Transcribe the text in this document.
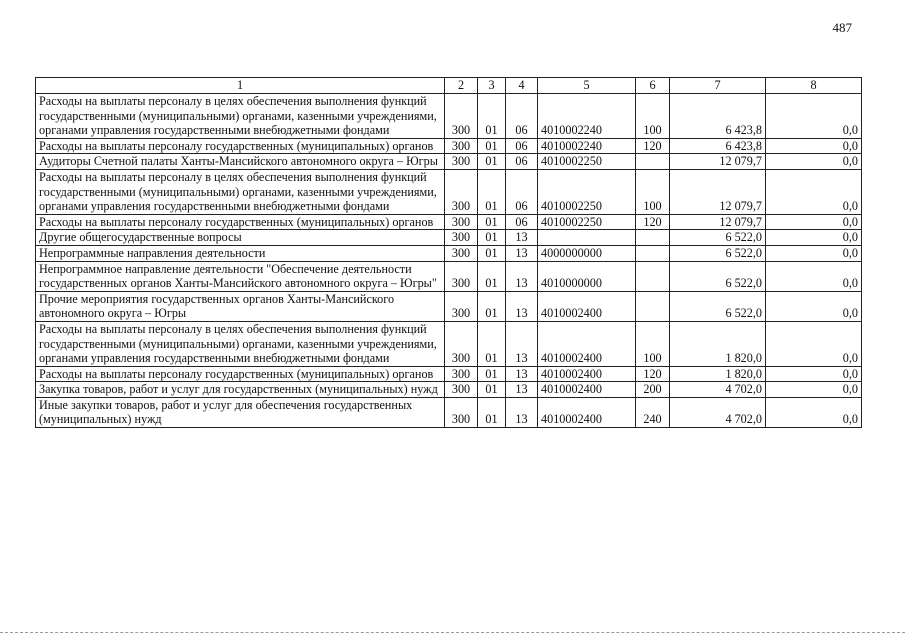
487
1	2	3	4	5	6	7	8
Расходы на выплаты персоналу в целях обеспечения выполнения функций государственными (муниципальными) органами, казенными учреждениями, органами управления государственными внебюджетными фондами	300	01	06	4010002240	100	6 423,8	0,0
Расходы на выплаты персоналу государственных (муниципальных) органов	300	01	06	4010002240	120	6 423,8	0,0
Аудиторы Счетной палаты Ханты-Мансийского автономного округа – Югры	300	01	06	4010002250		12 079,7	0,0
Расходы на выплаты персоналу в целях обеспечения выполнения функций государственными (муниципальными) органами, казенными учреждениями, органами управления государственными внебюджетными фондами	300	01	06	4010002250	100	12 079,7	0,0
Расходы на выплаты персоналу государственных (муниципальных) органов	300	01	06	4010002250	120	12 079,7	0,0
Другие общегосударственные вопросы	300	01	13			6 522,0	0,0
Непрограммные направления деятельности	300	01	13	4000000000		6 522,0	0,0
Непрограммное направление деятельности "Обеспечение деятельности государственных органов Ханты-Мансийского автономного округа – Югры"	300	01	13	4010000000		6 522,0	0,0
Прочие мероприятия государственных органов Ханты-Мансийского автономного округа – Югры	300	01	13	4010002400		6 522,0	0,0
Расходы на выплаты персоналу в целях обеспечения выполнения функций государственными (муниципальными) органами, казенными учреждениями, органами управления государственными внебюджетными фондами	300	01	13	4010002400	100	1 820,0	0,0
Расходы на выплаты персоналу государственных (муниципальных) органов	300	01	13	4010002400	120	1 820,0	0,0
Закупка товаров, работ и услуг для государственных (муниципальных) нужд	300	01	13	4010002400	200	4 702,0	0,0
Иные закупки товаров, работ и услуг для обеспечения государственных (муниципальных) нужд	300	01	13	4010002400	240	4 702,0	0,0
